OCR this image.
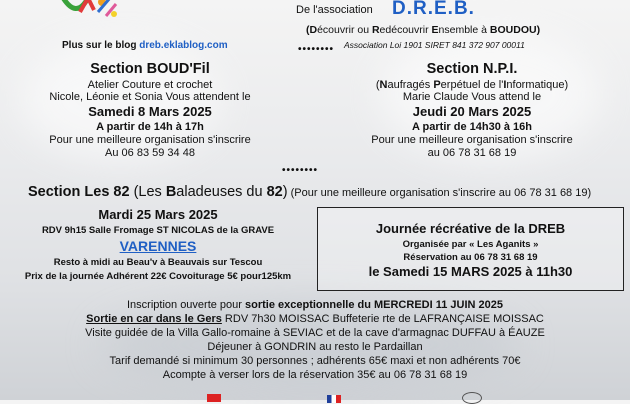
De l'association D.R.E.B.
(Découvrir ou Redécouvrir Ensemble à BOUDOU)
Association Loi 1901 SIRET 841 372 907 00011
Plus sur le blog dreb.eklablog.com	••••••••
••••••••
Section BOUD'Fil
Atelier Couture et crochet
Nicole, Léonie et Sonia Vous attendent le
Samedi 8 Mars 2025
A partir de 14h à 17h
Pour une meilleure organisation s'inscrire
Au 06 83 59 34 48
Section N.P.I.
(Naufragés Perpétuel de l'Informatique)
Marie Claude Vous attend le
Jeudi 20 Mars 2025
A partir de 14h30 à 16h
Pour une meilleure organisation s'inscrire
au 06 78 31 68 19
Section Les 82 (Les Baladeuses du 82) (Pour une meilleure organisation s'inscrire au 06 78 31 68 19)
Mardi 25 Mars 2025
RDV 9h15 Salle Fromage ST NICOLAS de la GRAVE
VARENNES
Resto à midi au Beau'v à Beauvais sur Tescou
Prix de la journée Adhérent 22€ Covoiturage 5€ pour125km
Journée récréative de la DREB
Organisée par « Les Aganits »
Réservation au 06 78 31 68 19
le Samedi 15 MARS 2025 à 11h30
Inscription ouverte pour sortie exceptionnelle du MERCREDI 11 JUIN 2025
Sortie en car dans le Gers RDV 7h30 MOISSAC Buffeterie rte de LAFRANÇAISE MOISSAC
Visite guidée de la Villa Gallo-romaine à SEVIAC et de la cave d'armagnac DUFFAU à ÉAUZE
Déjeuner à GONDRIN au resto le Pardaillan
Tarif demandé si minimum 30 personnes ; adhérents 65€ maxi et non adhérents 70€
Acompte à verser lors de la réservation 35€ au 06 78 31 68 19
